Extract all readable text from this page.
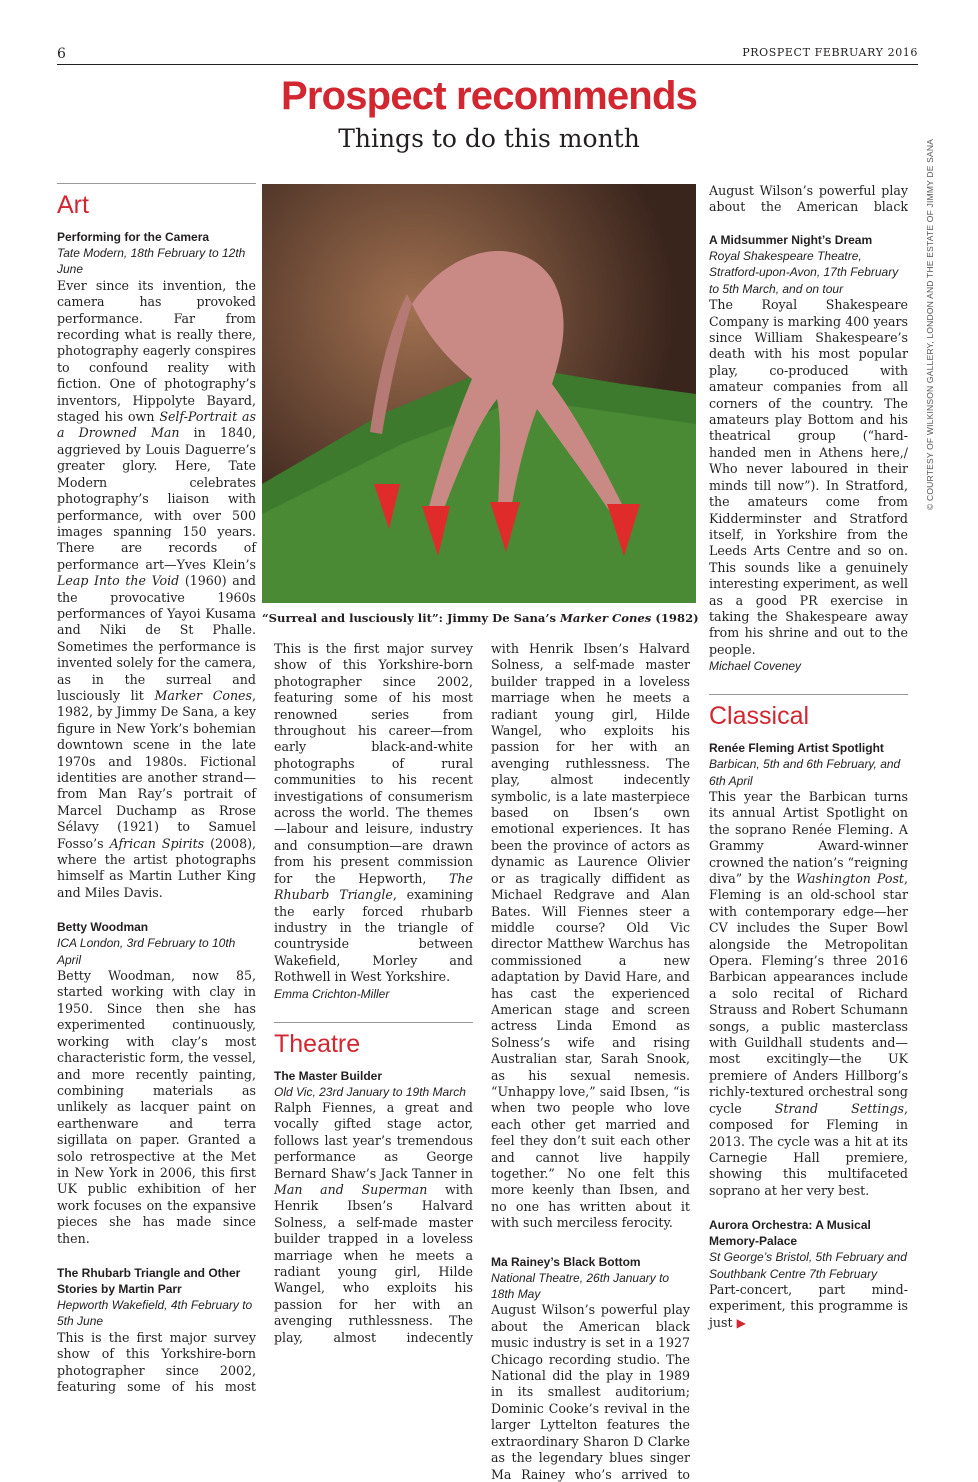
6	PROSPECT FEBRUARY 2016
Prospect recommends
Things to do this month
Art
Performing for the Camera
Tate Modern, 18th February to 12th June
Ever since its invention, the camera has provoked performance. Far from recording what is really there, photography eagerly conspires to confound reality with fiction. One of photography’s inventors, Hippolyte Bayard, staged his own Self-Portrait as a Drowned Man in 1840, aggrieved by Louis Daguerre’s greater glory. Here, Tate Modern celebrates photography’s liaison with performance, with over 500 images spanning 150 years. There are records of performance art—Yves Klein’s Leap Into the Void (1960) and the provocative 1960s performances of Yayoi Kusama and Niki de St Phalle. Sometimes the performance is invented solely for the camera, as in the surreal and lusciously lit Marker Cones, 1982, by Jimmy De Sana, a key figure in New York’s bohemian downtown scene in the late 1970s and 1980s. Fictional identities are another strand—from Man Ray’s portrait of Marcel Duchamp as Rrose Sélavy (1921) to Samuel Fosso’s African Spirits (2008), where the artist photographs himself as Martin Luther King and Miles Davis.
Betty Woodman
ICA London, 3rd February to 10th April
Betty Woodman, now 85, started working with clay in 1950. Since then she has experimented continuously, working with clay’s most characteristic form, the vessel, and more recently painting, combining materials as unlikely as lacquer paint on earthenware and terra sigillata on paper. Granted a solo retrospective at the Met in New York in 2006, this first UK public exhibition of her work focuses on the expansive pieces she has made since then.
The Rhubarb Triangle and Other Stories by Martin Parr
Hepworth Wakefield, 4th February to 5th June
This is the first major survey show of this Yorkshire-born photographer since 2002, featuring some of his most
“Surreal and lusciously lit”: Jimmy De Sana’s Marker Cones (1982)
© COURTESY OF WILKINSON GALLERY, LONDON AND THE ESTATE OF JIMMY DE SANA
This is the first major survey show of this Yorkshire-born photographer since 2002, featuring some of his most renowned series from throughout his career—from early black-and-white photographs of rural communities to his recent investigations of consumerism across the world. The themes—labour and leisure, industry and consumption—are drawn from his present commission for the Hepworth, The Rhubarb Triangle, examining the early forced rhubarb industry in the triangle of countryside between Wakefield, Morley and Rothwell in West Yorkshire.
Emma Crichton-Miller
Theatre
The Master Builder
Old Vic, 23rd January to 19th March
Ralph Fiennes, a great and vocally gifted stage actor, follows last year’s tremendous performance as George Bernard Shaw’s Jack Tanner in Man and Superman with Henrik Ibsen’s Halvard Solness, a self-made master builder trapped in a loveless marriage when he meets a radiant young girl, Hilde Wangel, who exploits his passion for her with an avenging ruthlessness. The play, almost indecently
with Henrik Ibsen’s Halvard Solness, a self-made master builder trapped in a loveless marriage when he meets a radiant young girl, Hilde Wangel, who exploits his passion for her with an avenging ruthlessness. The play, almost indecently symbolic, is a late masterpiece based on Ibsen’s own emotional experiences. It has been the province of actors as dynamic as Laurence Olivier or as tragically diffident as Michael Redgrave and Alan Bates. Will Fiennes steer a middle course? Old Vic director Matthew Warchus has commissioned a new adaptation by David Hare, and has cast the experienced American stage and screen actress Linda Emond as Solness’s wife and rising Australian star, Sarah Snook, as his sexual nemesis. “Unhappy love,” said Ibsen, “is when two people who love each other get married and feel they don’t suit each other and cannot live happily together.” No one felt this more keenly than Ibsen, and no one has written about it with such merciless ferocity.
Ma Rainey’s Black Bottom
National Theatre, 26th January to 18th May
August Wilson’s powerful play about the American black music industry is set in a 1927 Chicago recording studio. The National did the play in 1989 in its smallest auditorium; Dominic Cooke’s revival in the larger Lyttelton features the extraordinary Sharon D Clarke as the legendary blues singer Ma Rainey who’s arrived to
August Wilson’s powerful play about the American black
A Midsummer Night’s Dream
Royal Shakespeare Theatre, Stratford-upon-Avon, 17th February to 5th March, and on tour
The Royal Shakespeare Company is marking 400 years since William Shakespeare’s death with his most popular play, co-produced with amateur companies from all corners of the country. The amateurs play Bottom and his theatrical group (“hard-handed men in Athens here,/ Who never laboured in their minds till now”). In Stratford, the amateurs come from Kidderminster and Stratford itself, in Yorkshire from the Leeds Arts Centre and so on. This sounds like a genuinely interesting experiment, as well as a good PR exercise in taking the Shakespeare away from his shrine and out to the people.
Michael Coveney
Classical
Renée Fleming Artist Spotlight
Barbican, 5th and 6th February, and 6th April
This year the Barbican turns its annual Artist Spotlight on the soprano Renée Fleming. A Grammy Award-winner crowned the nation’s “reigning diva” by the Washington Post, Fleming is an old-school star with contemporary edge—her CV includes the Super Bowl alongside the Metropolitan Opera. Fleming’s three 2016 Barbican appearances include a solo recital of Richard Strauss and Robert Schumann songs, a public masterclass with Guildhall students and—most excitingly—the UK premiere of Anders Hillborg’s richly-textured orchestral song cycle Strand Settings, composed for Fleming in 2013. The cycle was a hit at its Carnegie Hall premiere, showing this multifaceted soprano at her very best.
Aurora Orchestra: A Musical Memory-Palace
St George’s Bristol, 5th February and Southbank Centre 7th February
Part-concert, part mind-experiment, this programme is just ▶
